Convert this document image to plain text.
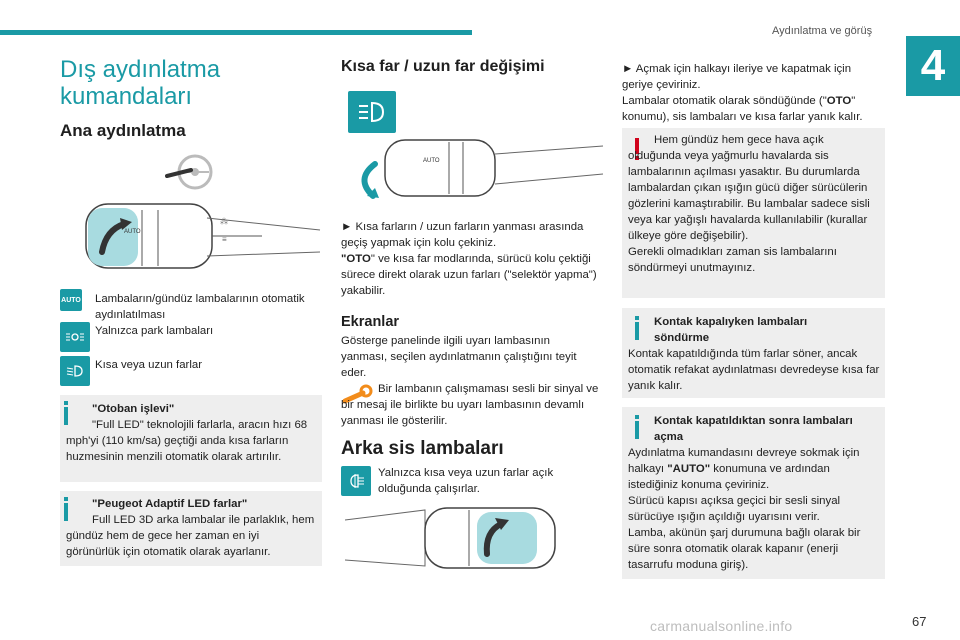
Aydınlatma ve görüş
4
Dış aydınlatma kumandaları
Ana aydınlatma
AUTO
⁂
≡
AUTO Lambaların/gündüz lambalarının otomatik aydınlatılması
Yalnızca park lambaları
Kısa veya uzun farlar
"Otoban işlevi"
"Full LED" teknolojili farlarla, aracın hızı 68 mph'yi (110 km/sa) geçtiği anda kısa farların huzmesinin menzili otomatik olarak artırılır.
"Peugeot Adaptif LED farlar"
Full LED 3D arka lambalar ile parlaklık, hem gündüz hem de gece her zaman en iyi görünürlük için otomatik olarak ayarlanır.
Kısa far / uzun far değişimi
AUTO
► Kısa farların / uzun farların yanması arasında geçiş yapmak için kolu çekiniz.
"OTO" ve kısa far modlarında, sürücü kolu çektiği sürece direkt olarak uzun farları ("selektör yapma") yakabilir.
Ekranlar
Gösterge panelinde ilgili uyarı lambasının yanması, seçilen aydınlatmanın çalıştığını teyit eder.
Bir lambanın çalışmaması sesli bir sinyal ve bir mesaj ile birlikte bu uyarı lambasının devamlı yanması ile gösterilir.
Arka sis lambaları
Yalnızca kısa veya uzun farlar açık olduğunda çalışırlar.
► Açmak için halkayı ileriye ve kapatmak için geriye çeviriniz.
Lambalar otomatik olarak söndüğünde ("OTO" konumu), sis lambaları ve kısa farlar yanık kalır.
Hem gündüz hem gece hava açık olduğunda veya yağmurlu havalarda sis lambalarının açılması yasaktır. Bu durumlarda lambalardan çıkan ışığın gücü diğer sürücülerin gözlerini kamaştırabilir. Bu lambalar sadece sisli veya kar yağışlı havalarda kullanılabilir (kurallar ülkeye göre değişebilir).
Gerekli olmadıkları zaman sis lambalarını söndürmeyi unutmayınız.
Kontak kapalıyken lambaları söndürme
Kontak kapatıldığında tüm farlar söner, ancak otomatik refakat aydınlatması devredeyse kısa far yanık kalır.
Kontak kapatıldıktan sonra lambaları açma
Aydınlatma kumandasını devreye sokmak için halkayı "AUTO" konumuna ve ardından istediğiniz konuma çeviriniz.
Sürücü kapısı açıksa geçici bir sesli sinyal sürücüye ışığın açıldığı uyarısını verir.
Lamba, akünün şarj durumuna bağlı olarak bir süre sonra otomatik olarak kapanır (enerji tasarrufu moduna giriş).
carmanualsonline.info	67
